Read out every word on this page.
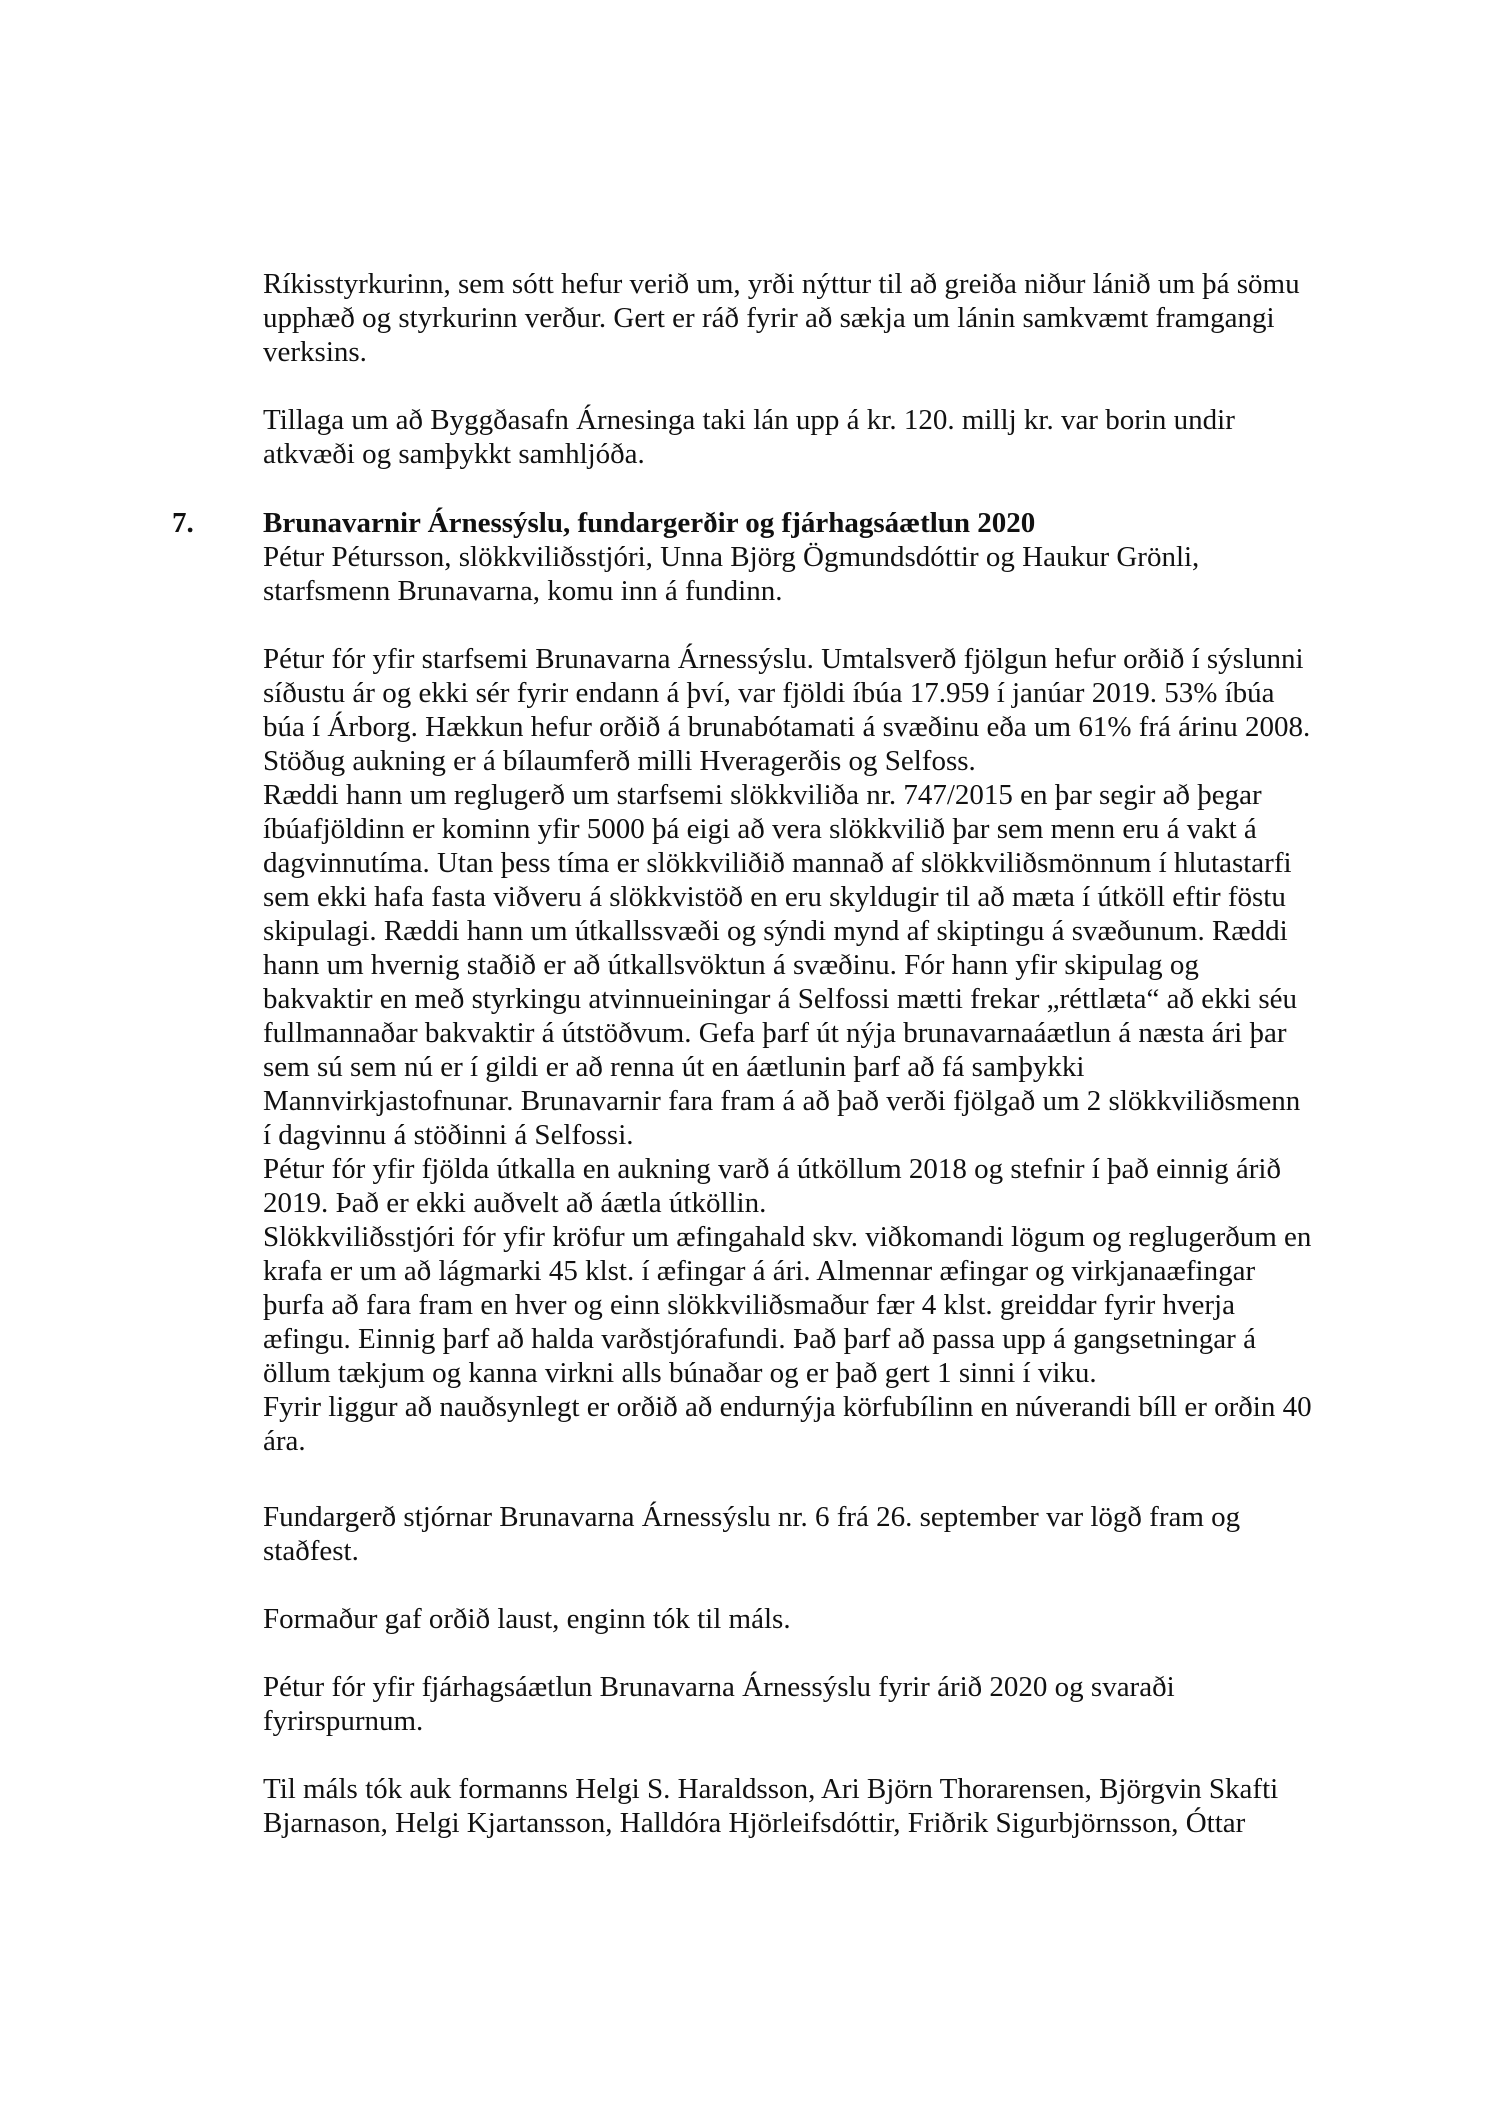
Ríkisstyrkurinn, sem sótt hefur verið um, yrði nýttur til að greiða niður lánið um þá sömu
upphæð og styrkurinn verður. Gert er ráð fyrir að sækja um lánin samkvæmt framgangi
verksins.
Tillaga um að Byggðasafn Árnesinga taki lán upp á kr. 120. millj kr. var borin undir
atkvæði og samþykkt samhljóða.
7. Brunavarnir Árnessýslu, fundargerðir og fjárhagsáætlun 2020
Pétur Pétursson, slökkviliðsstjóri, Unna Björg Ögmundsdóttir og Haukur Grönli,
starfsmenn Brunavarna, komu inn á fundinn.
Pétur fór yfir starfsemi Brunavarna Árnessýslu. Umtalsverð fjölgun hefur orðið í sýslunni
síðustu ár og ekki sér fyrir endann á því, var fjöldi íbúa 17.959 í janúar 2019. 53% íbúa
búa í Árborg. Hækkun hefur orðið á brunabótamati á svæðinu eða um 61% frá árinu 2008.
Stöðug aukning er á bílaumferð milli Hveragerðis og Selfoss.
Ræddi hann um reglugerð um starfsemi slökkviliða nr. 747/2015 en þar segir að þegar
íbúafjöldinn er kominn yfir 5000 þá eigi að vera slökkvilið þar sem menn eru á vakt á
dagvinnutíma. Utan þess tíma er slökkviliðið mannað af slökkviliðsmönnum í hlutastarfi
sem ekki hafa fasta viðveru á slökkvistöð en eru skyldugir til að mæta í útköll eftir föstu
skipulagi. Ræddi hann um útkallssvæði og sýndi mynd af skiptingu á svæðunum. Ræddi
hann um hvernig staðið er að útkallsvöktun á svæðinu. Fór hann yfir skipulag og
bakvaktir en með styrkingu atvinnueiningar á Selfossi mætti frekar „réttlæta“ að ekki séu
fullmannaðar bakvaktir á útstöðvum. Gefa þarf út nýja brunavarnaáætlun á næsta ári þar
sem sú sem nú er í gildi er að renna út en áætlunin þarf að fá samþykki
Mannvirkjastofnunar. Brunavarnir fara fram á að það verði fjölgað um 2 slökkviliðsmenn
í dagvinnu á stöðinni á Selfossi.
Pétur fór yfir fjölda útkalla en aukning varð á útköllum 2018 og stefnir í það einnig árið
2019. Það er ekki auðvelt að áætla útköllin.
Slökkviliðsstjóri fór yfir kröfur um æfingahald skv. viðkomandi lögum og reglugerðum en
krafa er um að lágmarki 45 klst. í æfingar á ári. Almennar æfingar og virkjanaæfingar
þurfa að fara fram en hver og einn slökkviliðsmaður fær 4 klst. greiddar fyrir hverja
æfingu. Einnig þarf að halda varðstjórafundi. Það þarf að passa upp á gangsetningar á
öllum tækjum og kanna virkni alls búnaðar og er það gert 1 sinni í viku.
Fyrir liggur að nauðsynlegt er orðið að endurnýja körfubílinn en núverandi bíll er orðin 40
ára.
Fundargerð stjórnar Brunavarna Árnessýslu nr. 6 frá 26. september var lögð fram og
staðfest.
Formaður gaf orðið laust, enginn tók til máls.
Pétur fór yfir fjárhagsáætlun Brunavarna Árnessýslu fyrir árið 2020 og svaraði
fyrirspurnum.
Til máls tók auk formanns Helgi S. Haraldsson, Ari Björn Thorarensen, Björgvin Skafti
Bjarnason, Helgi Kjartansson, Halldóra Hjörleifsdóttir, Friðrik Sigurbjörnsson, Óttar
